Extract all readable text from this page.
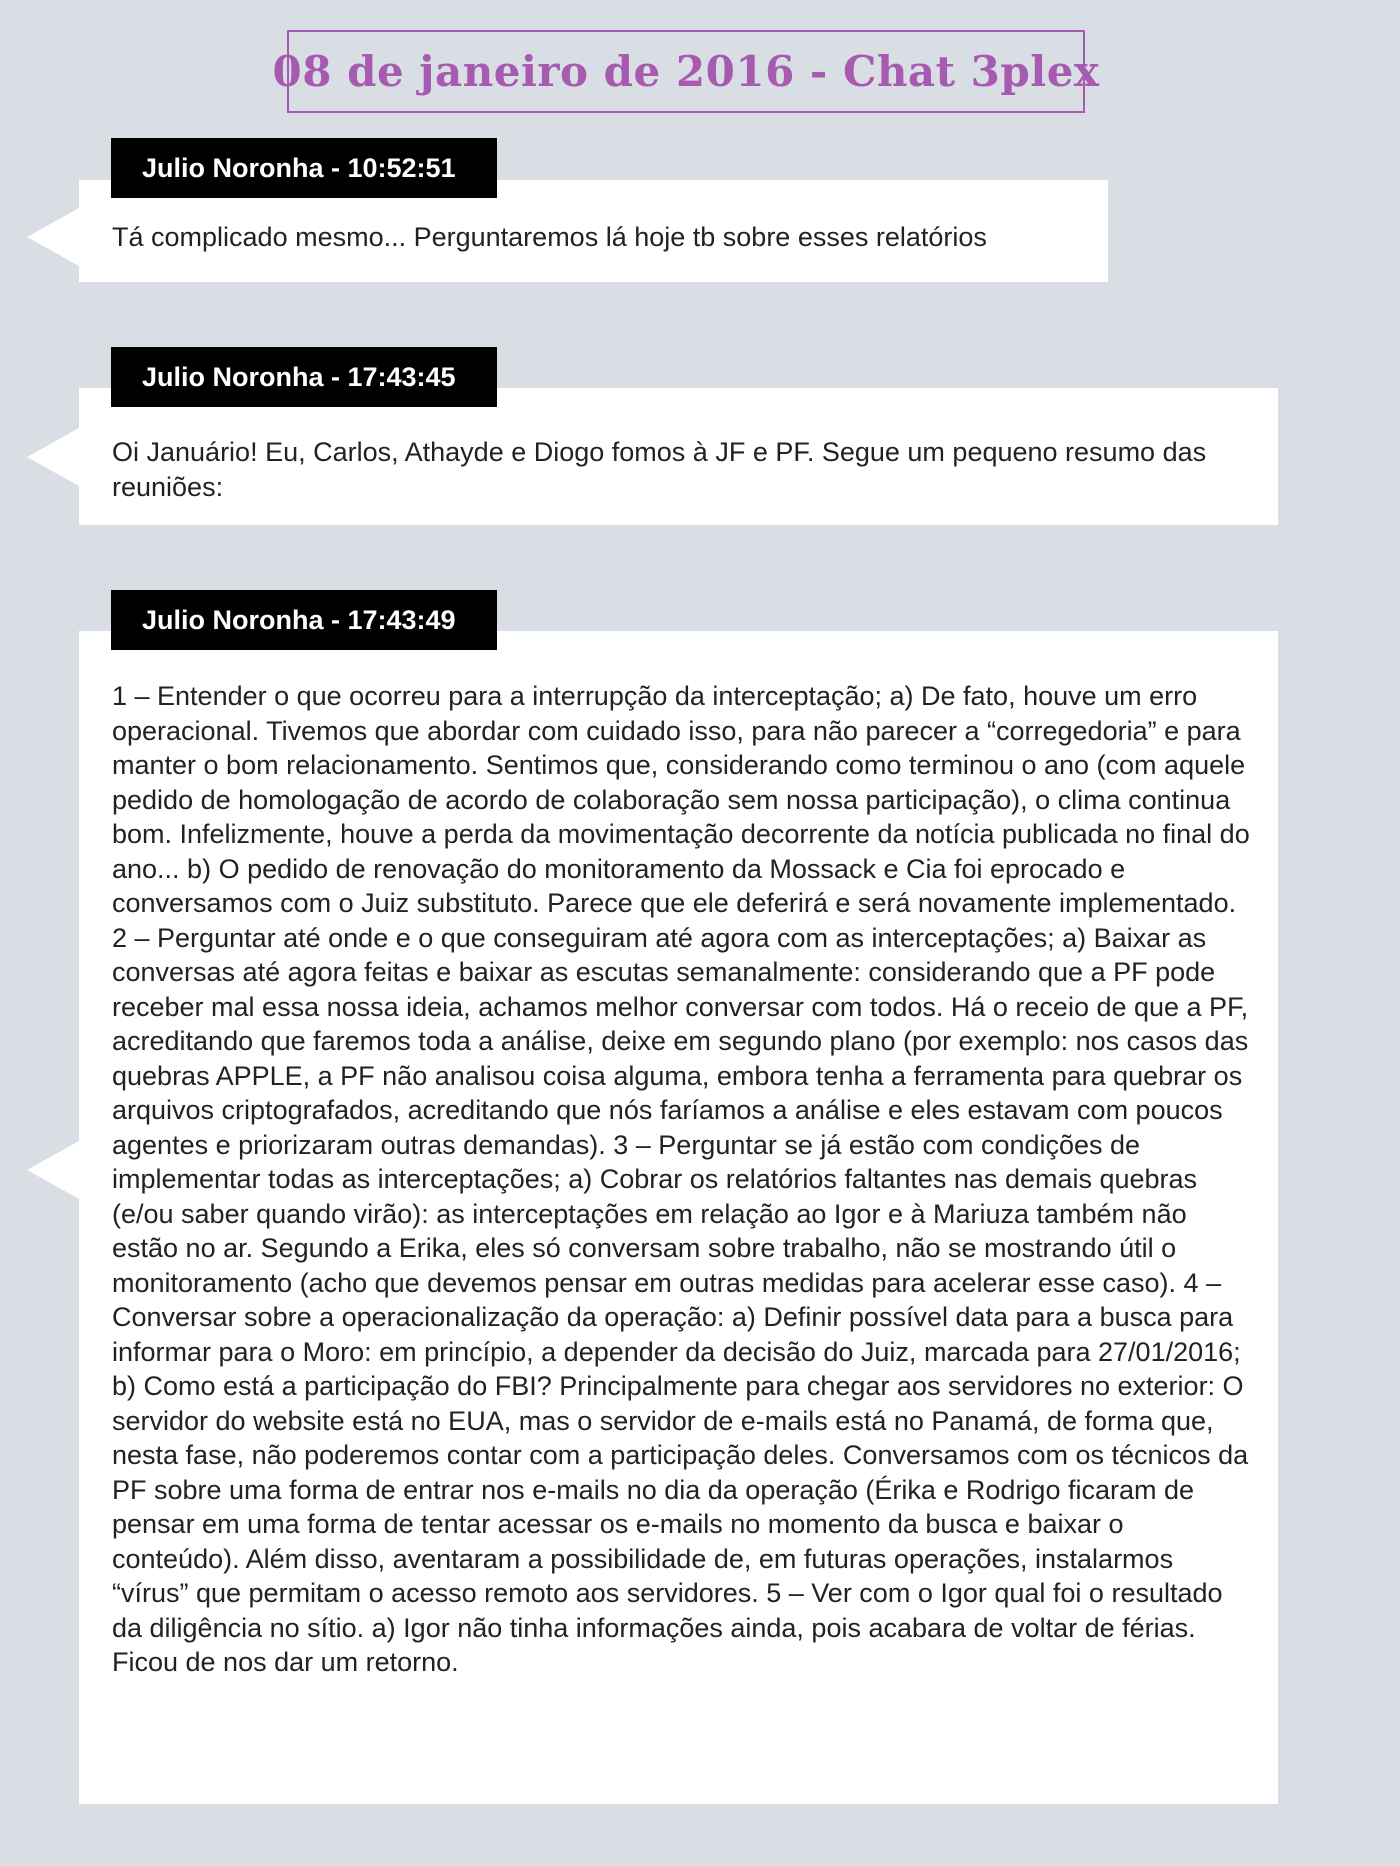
08 de janeiro de 2016 - Chat 3plex
Julio Noronha - 10:52:51

Tá complicado mesmo... Perguntaremos lá hoje tb sobre esses relatórios

Julio Noronha - 17:43:45

Oi Januário! Eu, Carlos, Athayde e Diogo fomos à JF e PF. Segue um pequeno resumo das reuniões:

Julio Noronha - 17:43:49

1 – Entender o que ocorreu para a interrupção da interceptação; a) De fato, houve um erro operacional. Tivemos que abordar com cuidado isso, para não parecer a “corregedoria” e para manter o bom relacionamento. Sentimos que, considerando como terminou o ano (com aquele pedido de homologação de acordo de colaboração sem nossa participação), o clima continua bom. Infelizmente, houve a perda da movimentação decorrente da notícia publicada no final do ano... b) O pedido de renovação do monitoramento da Mossack e Cia foi eprocado e conversamos com o Juiz substituto. Parece que ele deferirá e será novamente implementado. 2 – Perguntar até onde e o que conseguiram até agora com as interceptações; a) Baixar as conversas até agora feitas e baixar as escutas semanalmente: considerando que a PF pode receber mal essa nossa ideia, achamos melhor conversar com todos. Há o receio de que a PF, acreditando que faremos toda a análise, deixe em segundo plano (por exemplo: nos casos das quebras APPLE, a PF não analisou coisa alguma, embora tenha a ferramenta para quebrar os arquivos criptografados, acreditando que nós faríamos a análise e eles estavam com poucos agentes e priorizaram outras demandas). 3 – Perguntar se já estão com condições de implementar todas as interceptações; a) Cobrar os relatórios faltantes nas demais quebras (e/ou saber quando virão): as interceptações em relação ao Igor e à Mariuza também não estão no ar. Segundo a Erika, eles só conversam sobre trabalho, não se mostrando útil o monitoramento (acho que devemos pensar em outras medidas para acelerar esse caso). 4 – Conversar sobre a operacionalização da operação: a) Definir possível data para a busca para informar para o Moro: em princípio, a depender da decisão do Juiz, marcada para 27/01/2016; b) Como está a participação do FBI? Principalmente para chegar aos servidores no exterior: O servidor do website está no EUA, mas o servidor de e-mails está no Panamá, de forma que, nesta fase, não poderemos contar com a participação deles. Conversamos com os técnicos da PF sobre uma forma de entrar nos e-mails no dia da operação (Érika e Rodrigo ficaram de pensar em uma forma de tentar acessar os e-mails no momento da busca e baixar o conteúdo). Além disso, aventaram a possibilidade de, em futuras operações, instalarmos “vírus” que permitam o acesso remoto aos servidores. 5 – Ver com o Igor qual foi o resultado da diligência no sítio. a) Igor não tinha informações ainda, pois acabara de voltar de férias. Ficou de nos dar um retorno.
